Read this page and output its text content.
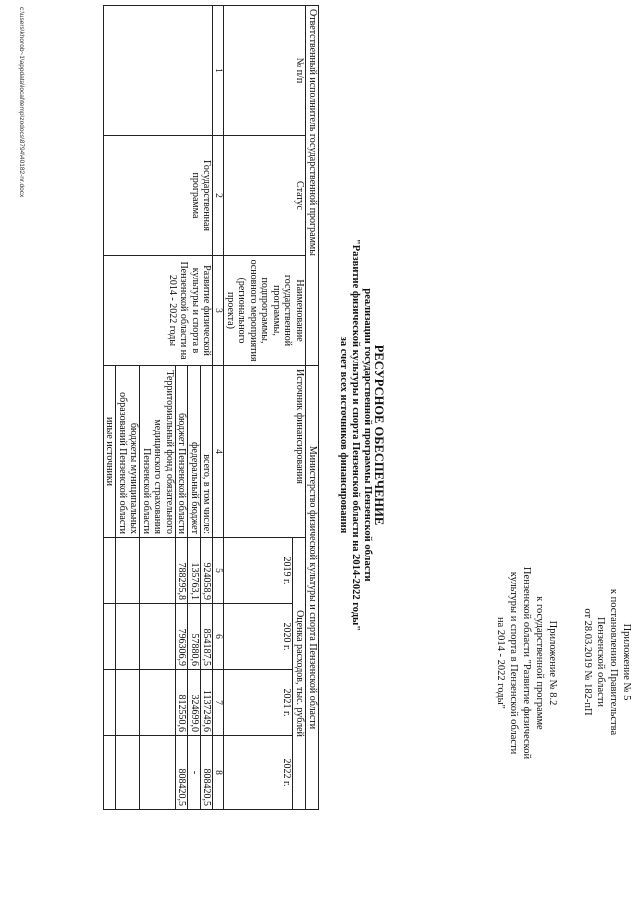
Приложение № 5
к постановлению Правительства
Пензенской области
от 28.03.2019 № 182-пП
Приложение № 8.2
к государственной программе
Пензенской области "Развитие физической
культуры и спорта в Пензенской области
на 2014 - 2022 годы"
РЕСУРСНОЕ ОБЕСПЕЧЕНИЕ
реализации государственной программы Пензенской области
"Развитие физической культуры и спорта Пензенской области на 2014-2022 годы"
за счет всех источников финансирования
Ответственный исполнитель государственной программы			Министерство физической культуры и спорта Пензенской области				
№ п/п	Статус	Наименование государственной программы, подпрограммы, основного мероприятия (регионального проекта)	Источник финансирования	Оценка расходов, тыс. рублей			
				2019 г.	2020 г.	2021 г.	2022 г.
1	2	3	4	5	6	7	8
	Государственная программа	Развитие физической культуры и спорта в Пензенской области на 2014 - 2022 годы	всего, в том числе:	924058,9	854187,5	1137249,6	808420,5
			федеральный бюджет	135763,1	57880,6	324699,0	-
			бюджет Пензенской области	788295,8	796306,9	812550,6	808420,5
			Территориальный фонд обязательного медицинского страхования Пензенской области				
			бюджеты муниципальных образований Пензенской области				
			иные источники				
c:\users\khorob~1\appdata\local\temp\zodocs\8794\40182-nr.docx
